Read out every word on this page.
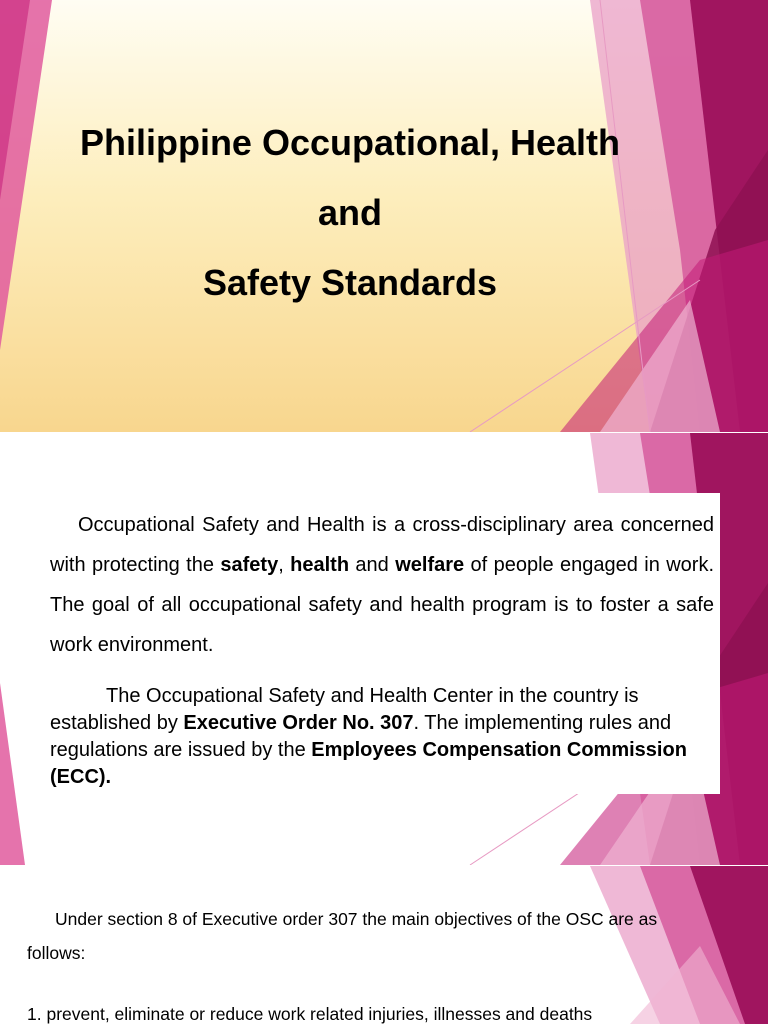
Philippine Occupational, Health
and
Safety Standards

Occupational Safety and Health is a cross-disciplinary area concerned with protecting the safety, health and welfare of people engaged in work. The goal of all occupational safety and health program is to foster a safe work environment.

The Occupational Safety and Health Center in the country is established by Executive Order No. 307. The implementing rules and regulations are issued by the Employees Compensation Commission (ECC).

Under section 8 of Executive order 307 the main objectives of the OSC are as follows:

1. prevent, eliminate or reduce work related injuries, illnesses and deaths
